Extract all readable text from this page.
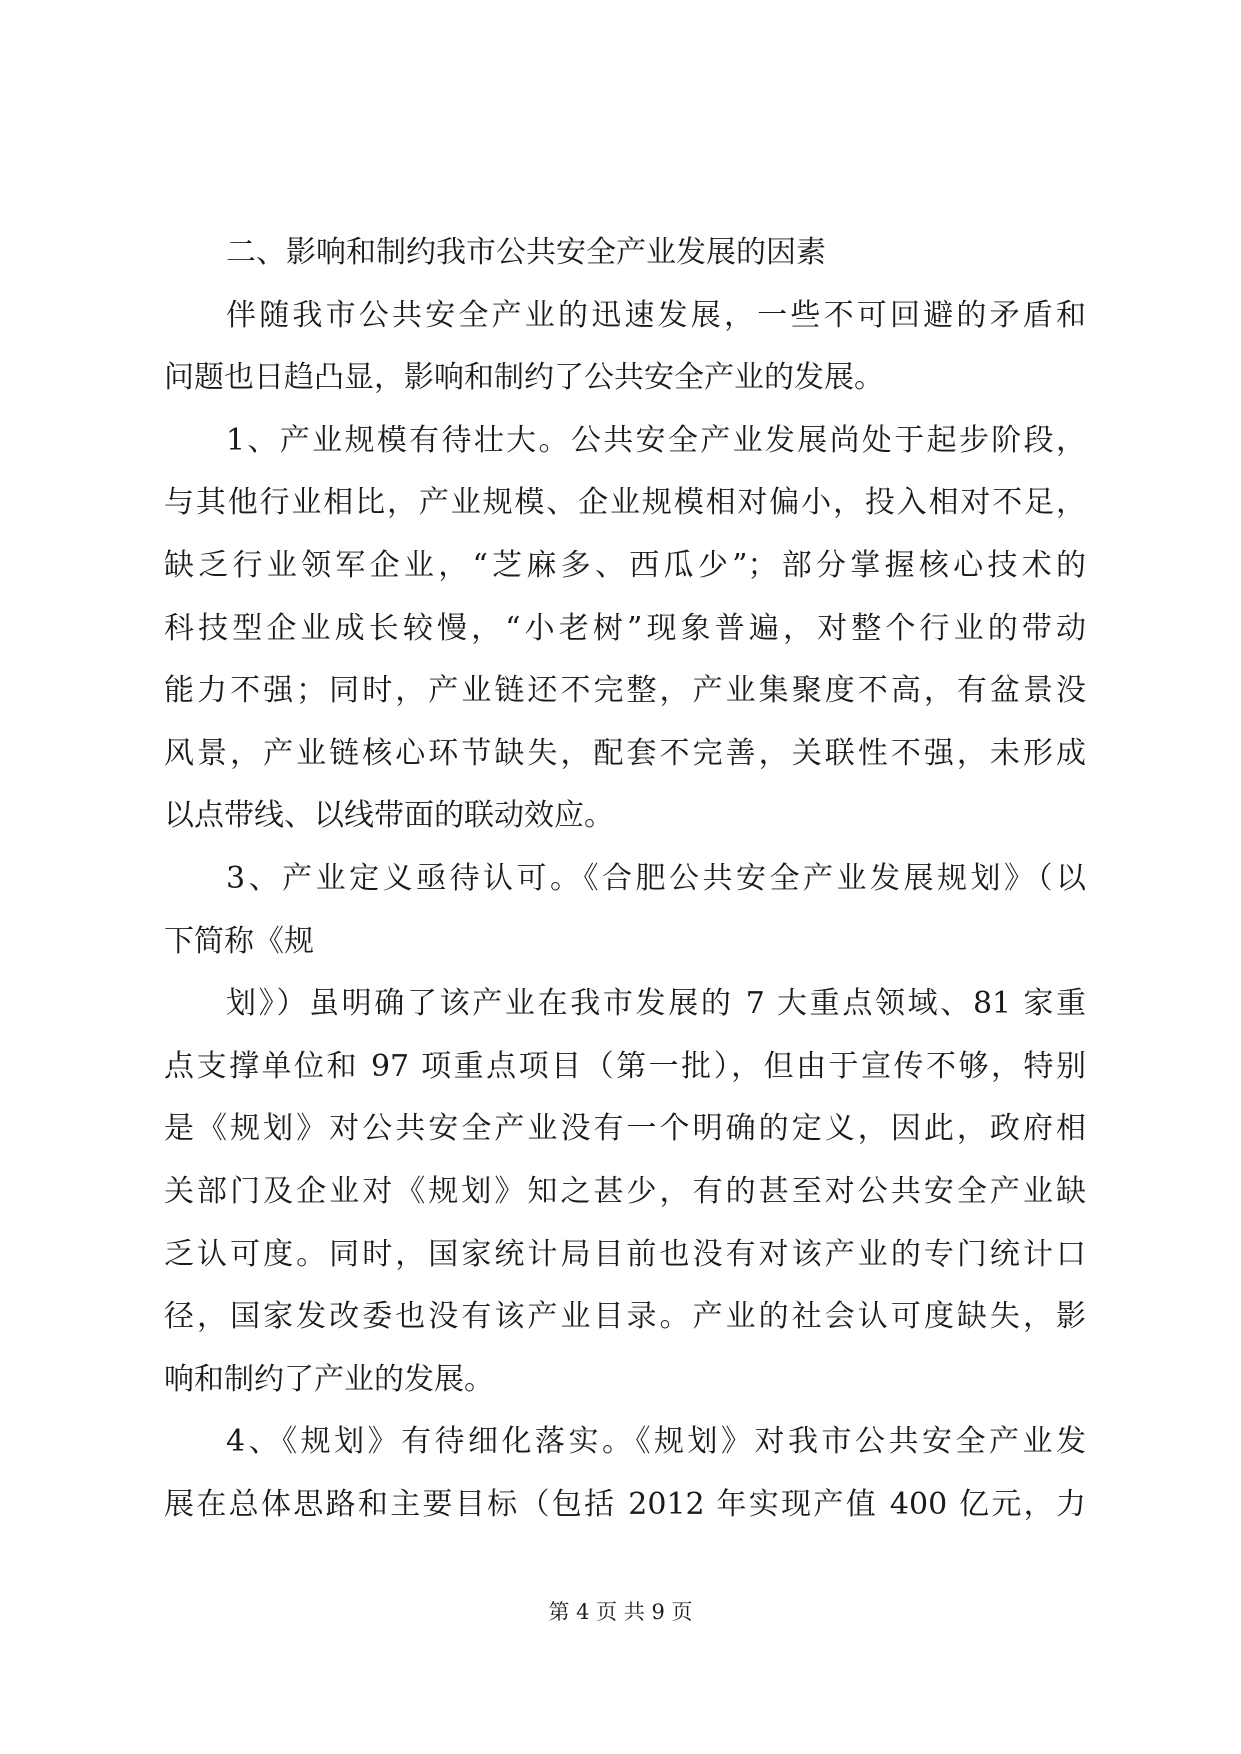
二、影响和制约我市公共安全产业发展的因素
伴随我市公共安全产业的迅速发展，一些不可回避的矛盾和
问题也日趋凸显，影响和制约了公共安全产业的发展。
1、产业规模有待壮大。公共安全产业发展尚处于起步阶段，
与其他行业相比，产业规模、企业规模相对偏小，投入相对不足，
缺乏行业领军企业，“芝麻多、西瓜少”；部分掌握核心技术的
科技型企业成长较慢，“小老树”现象普遍，对整个行业的带动
能力不强；同时，产业链还不完整，产业集聚度不高，有盆景没
风景，产业链核心环节缺失，配套不完善，关联性不强，未形成
以点带线、以线带面的联动效应。
3、产业定义亟待认可。《合肥公共安全产业发展规划》（以
下简称《规
划》）虽明确了该产业在我市发展的 7 大重点领域、81 家重
点支撑单位和 97 项重点项目（第一批），但由于宣传不够，特别
是《规划》对公共安全产业没有一个明确的定义，因此，政府相
关部门及企业对《规划》知之甚少，有的甚至对公共安全产业缺
乏认可度。同时，国家统计局目前也没有对该产业的专门统计口
径，国家发改委也没有该产业目录。产业的社会认可度缺失，影
响和制约了产业的发展。
4、《规划》有待细化落实。《规划》对我市公共安全产业发
展在总体思路和主要目标（包括 2012 年实现产值 400 亿元，力
第 4 页 共 9 页
